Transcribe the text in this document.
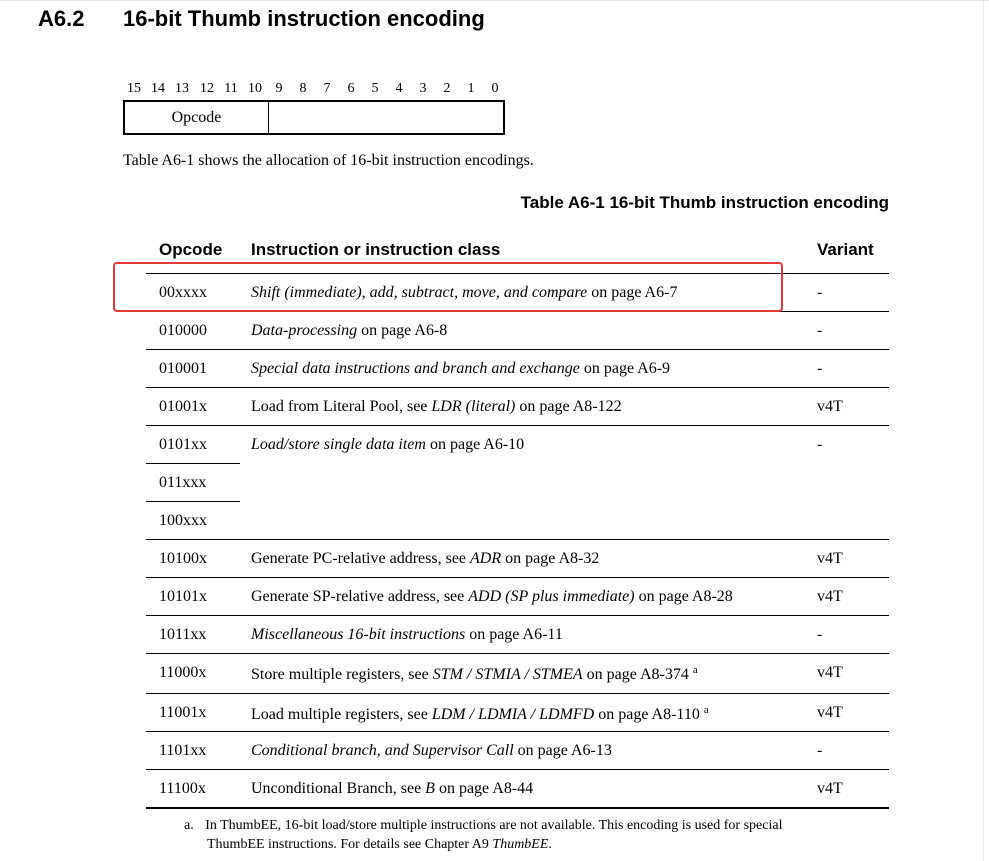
A6.2 16-bit Thumb instruction encoding
15 14 13 12 11 10 9	8	7	6	5	4	3	2	1	0
Opcode
Table A6-1 shows the allocation of 16-bit instruction encodings.
Table A6-1 16-bit Thumb instruction encoding
Opcode Instruction or instruction class	Variant
00xxxx	Shift (immediate), add, subtract, move, and compare on page A6-7	-
010000	Data-processing on page A6-8	-
010001	Special data instructions and branch and exchange on page A6-9	-
01001x	Load from Literal Pool, see LDR (literal) on page A8-122	v4T
0101xx	Load/store single data item on page A6-10	-
011xxx
100xxx
10100x	Generate PC-relative address, see ADR on page A8-32	v4T
10101x	Generate SP-relative address, see ADD (SP plus immediate) on page A8-28	v4T
1011xx	Miscellaneous 16-bit instructions on page A6-11	-
11000x	Store multiple registers, see STM / STMIA / STMEA on page A8-374 $^a$	v4T
11001x	Load multiple registers, see LDM / LDMIA / LDMFD on page A8-110 $^a$	v4T
1101xx	Conditional branch, and Supervisor Call on page A6-13	-
11100x	Unconditional Branch, see B on page A8-44	v4T
a. In ThumbEE, 16-bit load/store multiple instructions are not available. This encoding is used for special
ThumbEE instructions. For details see Chapter A9 ThumbEE.
